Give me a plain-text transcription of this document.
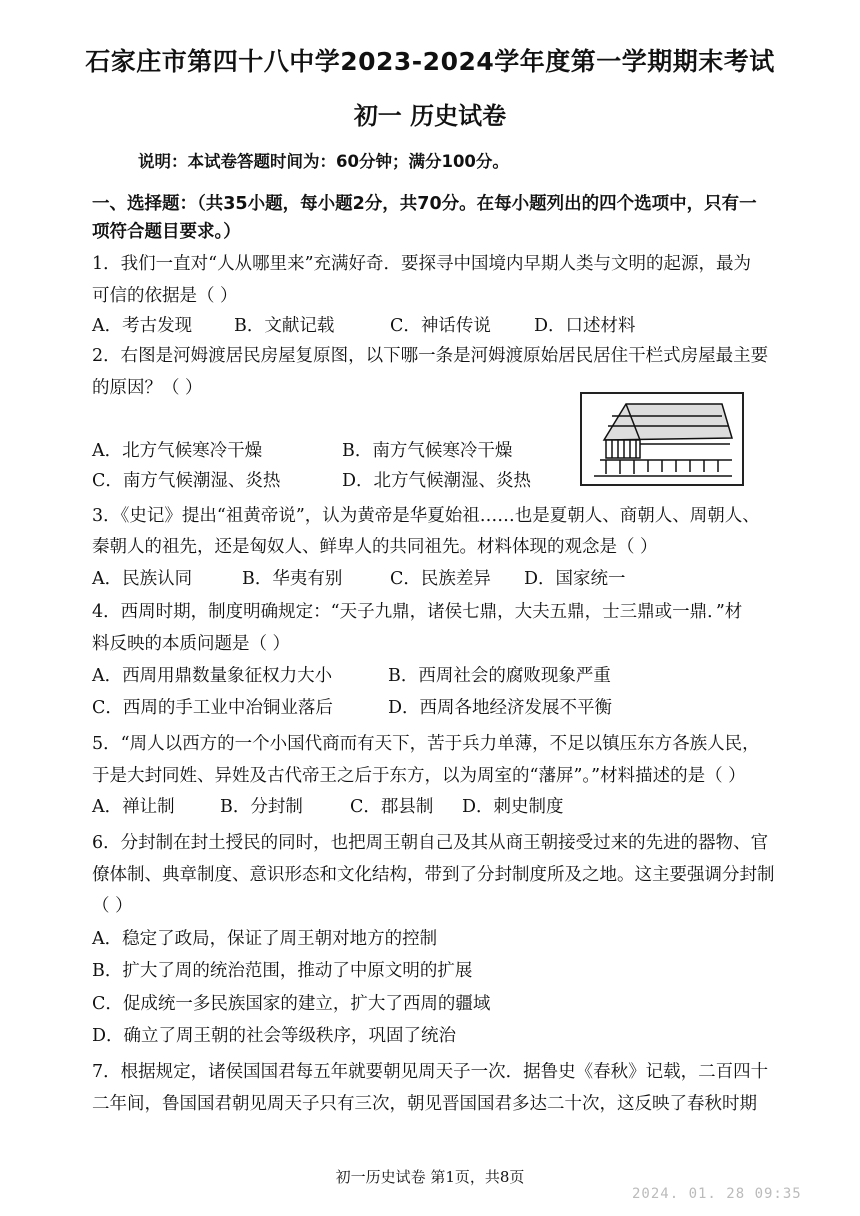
石家庄市第四十八中学2023-2024学年度第一学期期末考试
初一 历史试卷
说明：本试卷答题时间为：60分钟；满分100分。
一、选择题：（共35小题，每小题2分，共70分。在每小题列出的四个选项中，只有一
项符合题目要求。）
1．我们一直对“人从哪里来”充满好奇．要探寻中国境内早期人类与文明的起源，最为
可信的依据是（ ）
A．考古发现 B．文献记载	C．神话传说 D．口述材料
2．右图是河姆渡居民房屋复原图，以下哪一条是河姆渡原始居民居住干栏式房屋最主要
的原因？（ ）
A．北方气候寒冷干燥	B．南方气候寒冷干燥
C．南方气候潮湿、炎热	D．北方气候潮湿、炎热
3．《史记》提出“祖黄帝说”，认为黄帝是华夏始祖……也是夏朝人、商朝人、周朝人、
秦朝人的祖先，还是匈奴人、鲜卑人的共同祖先。材料体现的观念是（ ）
A．民族认同	B．华夷有别	C．民族差异 D．国家统一
4．西周时期，制度明确规定：“天子九鼎，诸侯七鼎，大夫五鼎，士三鼎或一鼎．”材
料反映的本质问题是（ ）
A．西周用鼎数量象征权力大小	B．西周社会的腐败现象严重
C．西周的手工业中冶铜业落后	D．西周各地经济发展不平衡
5．“周人以西方的一个小国代商而有天下，苦于兵力单薄，不足以镇压东方各族人民，
于是大封同姓、异姓及古代帝王之后于东方，以为周室的“藩屏”。”材料描述的是（ ）
A．禅让制	B．分封制	C．郡县制 D．刺史制度
6．分封制在封土授民的同时，也把周王朝自己及其从商王朝接受过来的先进的器物、官
僚体制、典章制度、意识形态和文化结构，带到了分封制度所及之地。这主要强调分封制
（ ）
A．稳定了政局，保证了周王朝对地方的控制
B．扩大了周的统治范围，推动了中原文明的扩展
C．促成统一多民族国家的建立，扩大了西周的疆域
D．确立了周王朝的社会等级秩序，巩固了统治
7．根据规定，诸侯国国君每五年就要朝见周天子一次．据鲁史《春秋》记载，二百四十
二年间，鲁国国君朝见周天子只有三次，朝见晋国国君多达二十次，这反映了春秋时期
初一历史试卷 第1页，共8页
2024. 01. 28 09:35
